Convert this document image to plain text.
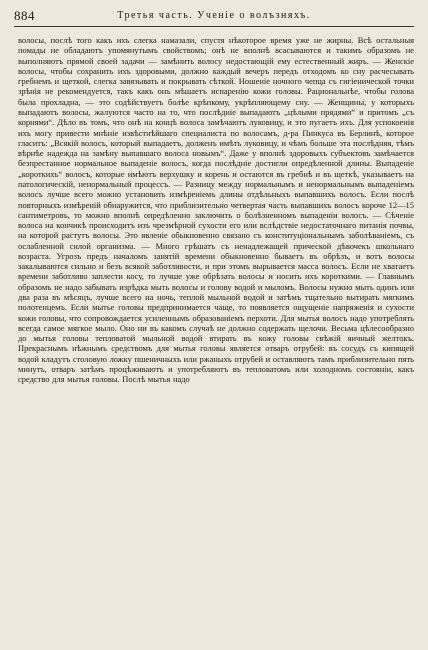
884	Третья часть. Ученіе о волъзняхъ.

волосы, послѣ того какъ ихъ слегка намазали, спустя нѣкоторое время уже не жирны. Всѣ остальныя помады не обладаютъ упомянутымъ свойствомъ; онѣ не вполнѣ всасываются и такимъ образомъ не выполняютъ прямой своей задачи — замѣнить волосу недостающій ему естественный жиръ. — Женскіе волосы, чтобы сохранить ихъ здоровыми, должно каждый вечеръ передъ отходомъ ко сну расчесывать гребнемъ и щеткой, слегка завязывать и покрывать сѣткой. Ношеніе ночного чепца съ гигіенической точки зрѣнія не рекомендуется, такъ какъ онъ мѣшаетъ испаренію кожи головы. Рациональнѣе, чтобы голова была прохладна, — это содѣйствуетъ болѣе крѣпкому, укрѣпляющему сну. — Женщины, у которыхъ выпадаютъ волосы, жалуются часто на то, что послѣдніе выпадаютъ „цѣлыми прядями“ и притомъ „съ корнями“. Дѣло въ томъ, что онѣ на концѣ волоса замѣчаютъ луковицу, и это пугаетъ ихъ. Для успокоенія ихъ могу привести мнѣніе извѣстнѣйшаго специалиста по волосамъ, д-ра Пинкуса въ Берлинѣ, которое гласитъ: „Всякій волосъ, который выпадаетъ, долженъ имѣть луковицу, и чѣмъ больше эта послѣдняя, тѣмъ вѣрнѣе надежда на замѣну выпавшаго волоса новымъ“. Даже у вполнѣ здоровыхъ субъектовъ замѣчается безпрестанное нормальное выпаденіе волосъ, когда послѣдніе достигли опредѣленной длины. Выпаденіе „короткихъ“ волосъ, которые имѣютъ верхушку и корень и остаются въ гребнѣ и въ щеткѣ, указываетъ на патологическій, ненормальный процессъ. — Разницу между нормальнымъ и ненормальнымъ выпаденіемъ волосъ лучше всего можно установить измѣреніемъ длины отдѣльныхъ выпавшихъ волосъ. Если послѣ повторныхъ измѣреній обнаружится, что приблизительно четвертая часть выпавшихъ волосъ короче 12—15 сантиметровъ, то можно вполнѣ опредѣленно заключить о болѣзненномъ выпаденіи волосъ. — Сѣченіе волоса на кончикѣ происходитъ изъ чрезмѣрной сухости его или вслѣдствіе недостаточнаго питанія почвы, на которой растутъ волосы. Это явленіе обыкновенно связано съ конституціональнымъ заболѣваніемъ, съ ослабленной силой организма. — Много грѣшатъ съ ненадлежащей прической дѣвочекъ школьнаго возраста. Угрозъ предъ началомъ занятій времени обыкновенно бываетъ въ обрѣзъ, и вотъ волосы закалываются сильно и безъ всякой заботливости, и при этомъ вырывается масса волосъ. Если не хватаетъ времени заботливо заплести косу, то лучше уже обрѣзать волосы и носить ихъ короткими. — Главнымъ образомъ не надо забывать изрѣдка мыть волосы и голову водой и мыломъ. Волосы нужно мыть одинъ или два раза въ мѣсяцъ, лучше всего на ночь, теплой мыльной водой и затѣмъ тщательно вытирать мягкимъ полотенцемъ. Если мытье головы предпринимается чаще, то появляется ощущеніе напряженія и сухости кожи головы, что сопровождается усиленнымъ образованіемъ перхоти. Для мытья волосъ надо употреблять всегда самое мягкое мыло. Оно ни въ какомъ случаѣ не должно содержать щелочи. Весьма цѣлесообразно до мытья головы тепловатой мыльной водой втирать въ кожу головы свѣжій яичный желтокъ. Прекраснымъ нѣжнымъ средствомъ для мытья головы является отваръ отрубей: въ сосудъ съ кипящей водой кладутъ столовую ложку пшеничныхъ или ржаныхъ отрубей и оставляютъ тамъ приблизительно пять минутъ, отваръ затѣмъ процѣживаютъ и употребляютъ въ тепловатомъ или холодномъ состояніи, какъ средство для мытья головы. Послѣ мытья надо
